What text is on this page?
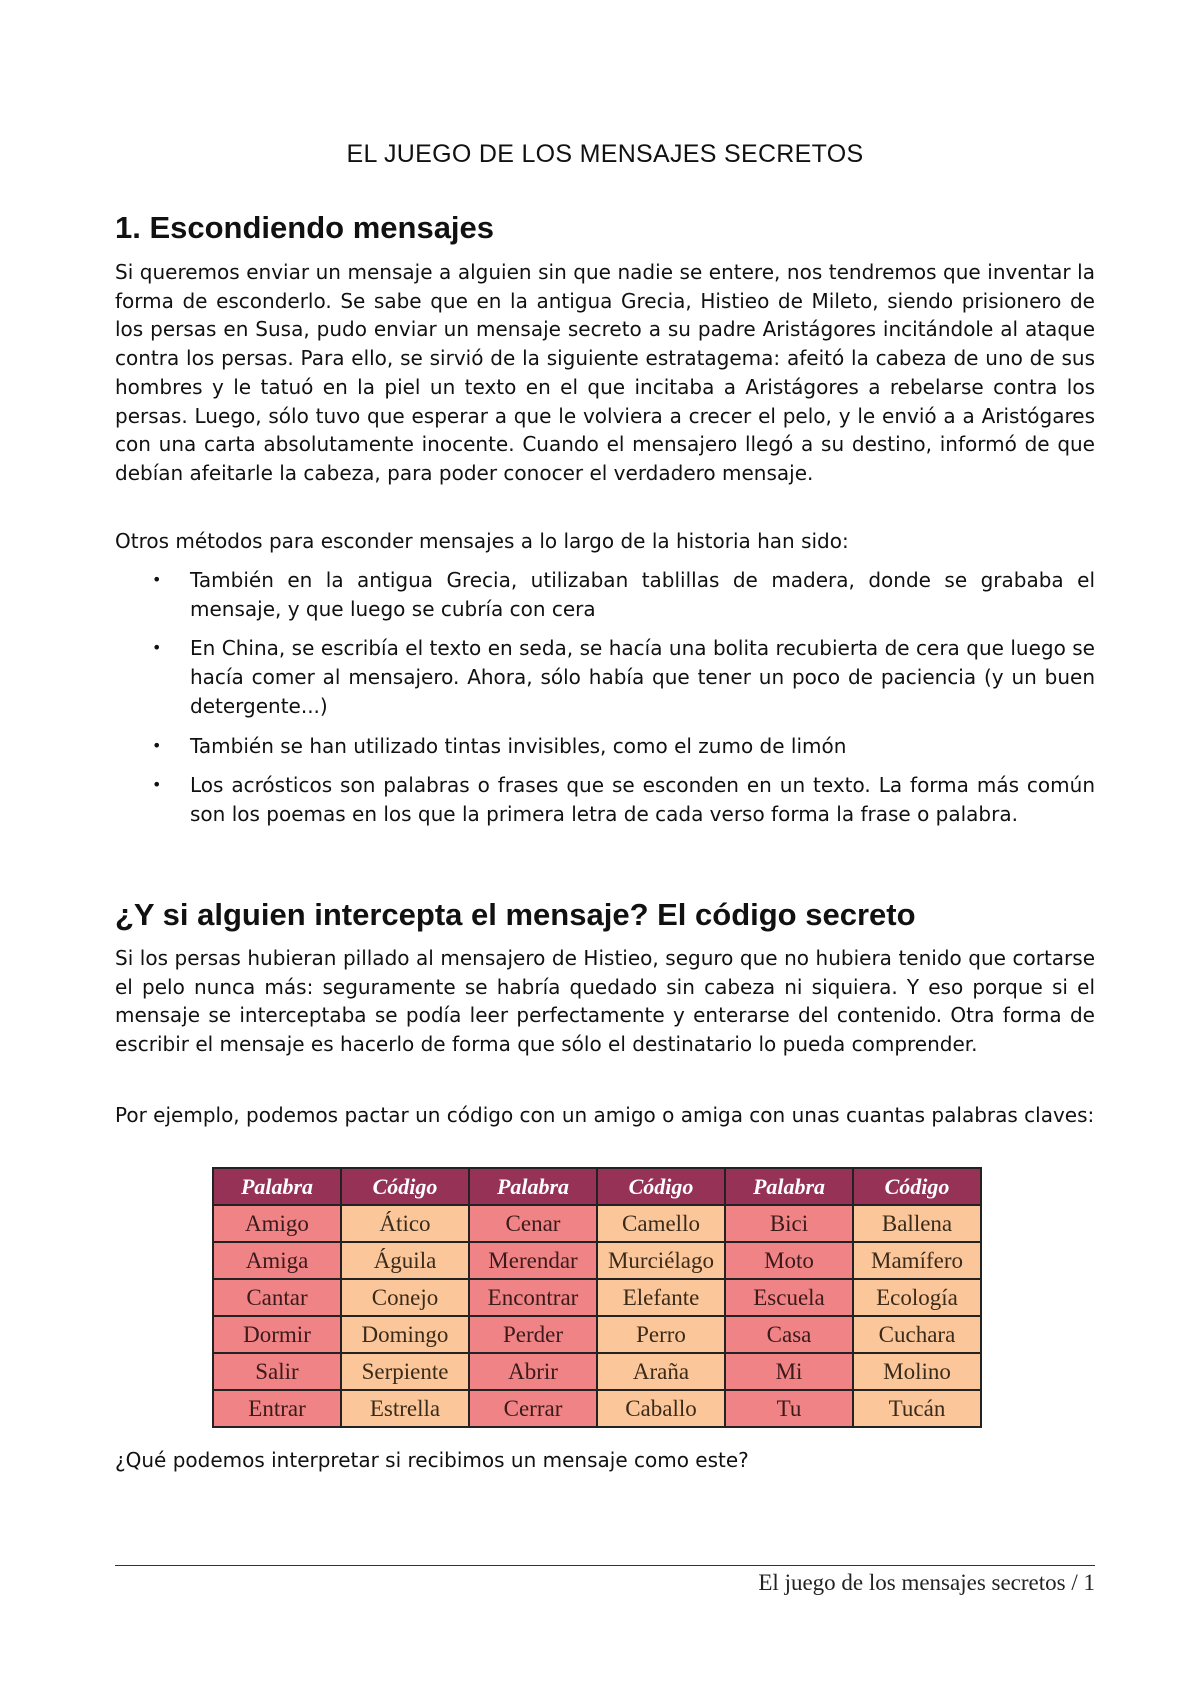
EL JUEGO DE LOS MENSAJES SECRETOS
1. Escondiendo mensajes

Si queremos enviar un mensaje a alguien sin que nadie se entere, nos tendremos que inventar la forma de esconderlo. Se sabe que en la antigua Grecia, Histieo de Mileto, siendo prisionero de los persas en Susa, pudo enviar un mensaje secreto a su padre Aristágores incitándole al ataque contra los persas. Para ello, se sirvió de la siguiente estratagema: afeitó la cabeza de uno de sus hombres y le tatuó en la piel un texto en el que incitaba a Aristágores a rebelarse contra los persas. Luego, sólo tuvo que esperar a que le volviera a crecer el pelo, y le envió a a Aristógares con una carta absolutamente inocente. Cuando el mensajero llegó a su destino, informó de que debían afeitarle la cabeza, para poder conocer el verdadero mensaje.

Otros métodos para esconder mensajes a lo largo de la historia han sido:

• También en la antigua Grecia, utilizaban tablillas de madera, donde se grababa el mensaje, y que luego se cubría con cera
• En China, se escribía el texto en seda, se hacía una bolita recubierta de cera que luego se hacía comer al mensajero. Ahora, sólo había que tener un poco de paciencia (y un buen detergente...)
• También se han utilizado tintas invisibles, como el zumo de limón
• Los acrósticos son palabras o frases que se esconden en un texto. La forma más común son los poemas en los que la primera letra de cada verso forma la frase o palabra.
¿Y si alguien intercepta el mensaje? El código secreto

Si los persas hubieran pillado al mensajero de Histieo, seguro que no hubiera tenido que cortarse el pelo nunca más: seguramente se habría quedado sin cabeza ni siquiera. Y eso porque si el mensaje se interceptaba se podía leer perfectamente y enterarse del contenido. Otra forma de escribir el mensaje es hacerlo de forma que sólo el destinatario lo pueda comprender.

Por ejemplo, podemos pactar un código con un amigo o amiga con unas cuantas palabras claves:

Palabra	Código	Palabra	Código	Palabra	Código
Amigo	Ático	Cenar	Camello	Bici	Ballena
Amiga	Águila	Merendar	Murciélago	Moto	Mamífero
Cantar	Conejo	Encontrar	Elefante	Escuela	Ecología
Dormir	Domingo	Perder	Perro	Casa	Cuchara
Salir	Serpiente	Abrir	Araña	Mi	Molino
Entrar	Estrella	Cerrar	Caballo	Tu	Tucán

¿Qué podemos interpretar si recibimos un mensaje como este?

El juego de los mensajes secretos / 1
